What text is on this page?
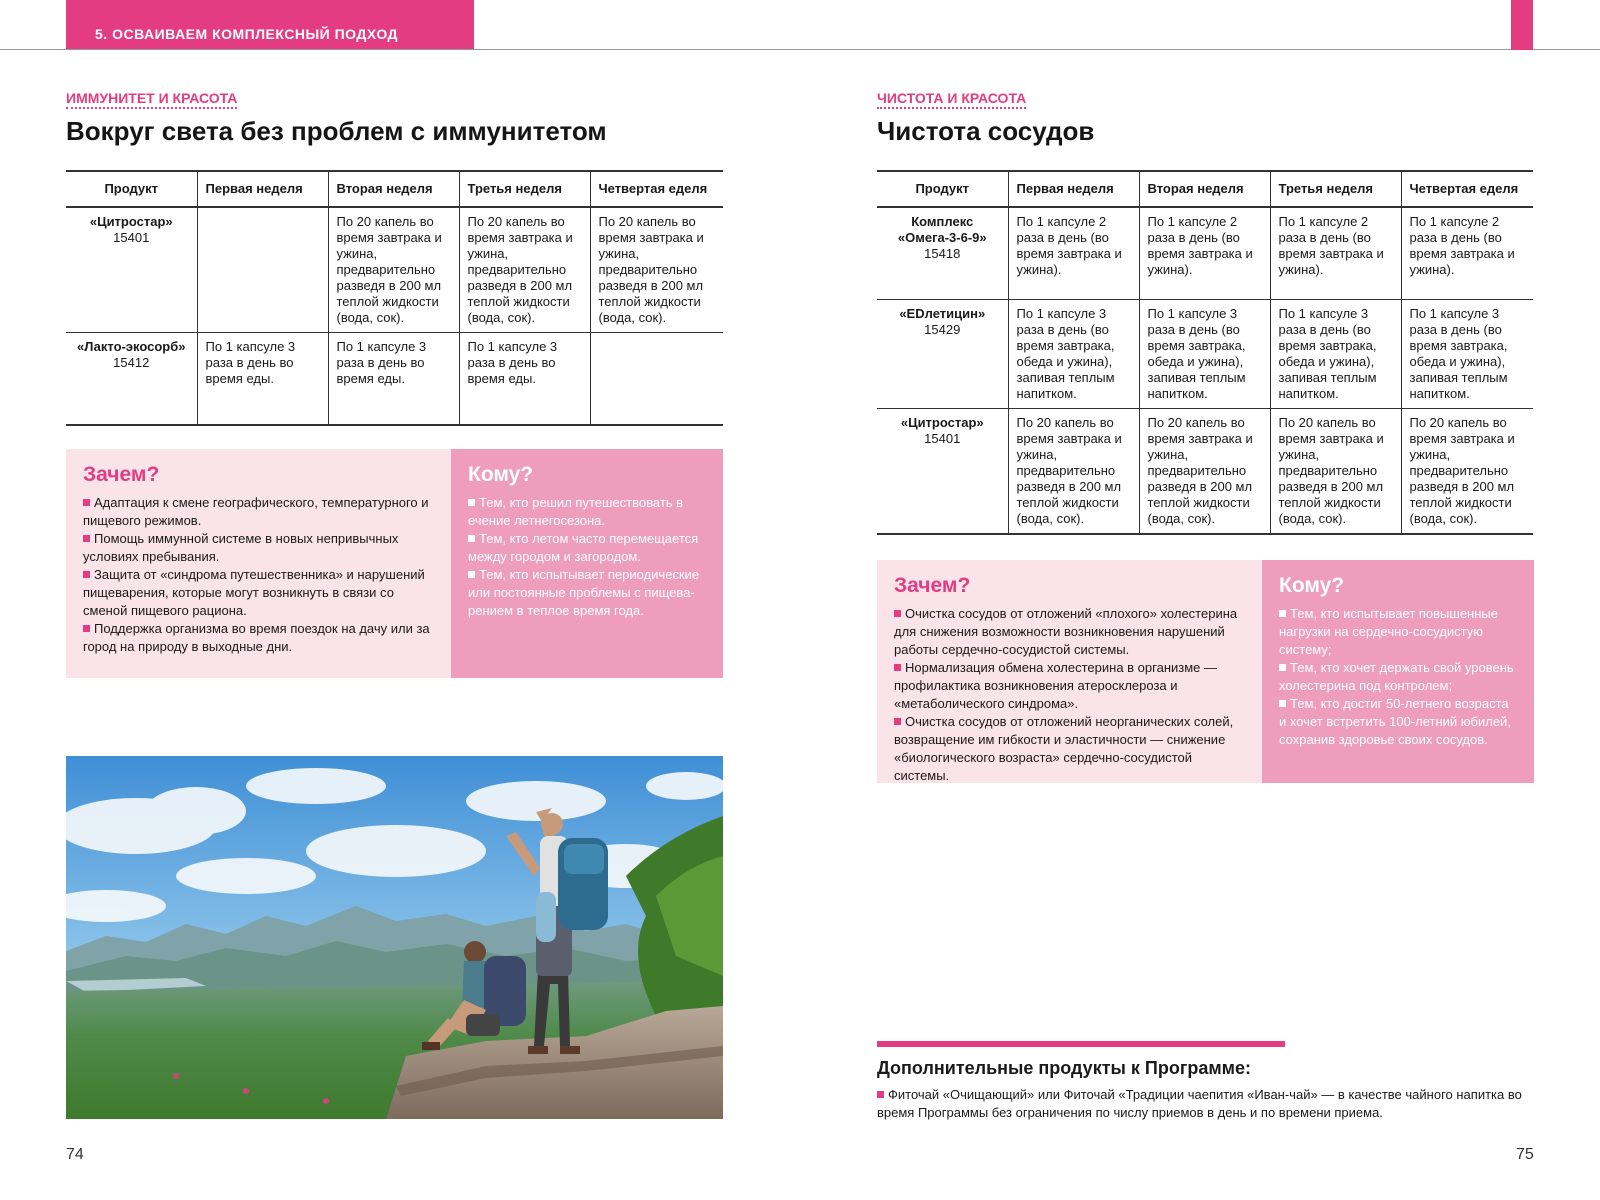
5. ОСВАИВАЕМ КОМПЛЕКСНЫЙ ПОДХОД
ИММУНИТЕТ И КРАСОТА
Вокруг света без проблем с иммунитетом
Продукт	Первая неделя	Вторая неделя	Третья неделя	Четвертая еделя

«Цитростар»
15401		По 20 капель во время завтрака и ужина, предварительно разведя в 200 мл теплой жидкости (вода, сок).	По 20 капель во время завтрака и ужина, предварительно разведя в 200 мл теплой жидкости (вода, сок).	По 20 капель во время завтрака и ужина, предварительно разведя в 200 мл теплой жидкости (вода, сок).

«Лакто-экосорб»
15412	По 1 капсуле 3 раза в день во время еды.	По 1 капсуле 3 раза в день во время еды.	По 1 капсуле 3 раза в день во время еды.	
Зачем?
Адаптация к смене географического, температурного и пищевого режимов.
Помощь иммунной системе в новых непривычных условиях пребывания.
Защита от «синдрома путешественника» и нарушений пищеварения, которые могут возникнуть в связи со сменой пищевого рациона.
Поддержка организма во время поездок на дачу или за город на природу в выходные дни.
Кому?
Тем, кто решил путешествовать в ечение летнегосезона.
Тем, кто летом часто перемещается между городом и загородом.
Тем, кто испытывает периодические или постоянные проблемы с пищева-рением в теплое время года.
74
ЧИСТОТА И КРАСОТА
Чистота сосудов
Продукт	Первая неделя	Вторая неделя	Третья неделя	Четвертая еделя

Комплекс «Омега-3-6-9»
15418	По 1 капсуле 2 раза в день (во время завтрака и ужина).	По 1 капсуле 2 раза в день (во время завтрака и ужина).	По 1 капсуле 2 раза в день (во время завтрака и ужина).	По 1 капсуле 2 раза в день (во время завтрака и ужина).

«EDлетицин»
15429	По 1 капсуле 3 раза в день (во время завтрака, обеда и ужина), запивая теплым напитком.	По 1 капсуле 3 раза в день (во время завтрака, обеда и ужина), запивая теплым напитком.	По 1 капсуле 3 раза в день (во время завтрака, обеда и ужина), запивая теплым напитком.	По 1 капсуле 3 раза в день (во время завтрака, обеда и ужина), запивая теплым напитком.

«Цитростар»
15401	По 20 капель во время завтрака и ужина, предварительно разведя в 200 мл теплой жидкости (вода, сок).	По 20 капель во время завтрака и ужина, предварительно разведя в 200 мл теплой жидкости (вода, сок).	По 20 капель во время завтрака и ужина, предварительно разведя в 200 мл теплой жидкости (вода, сок).	По 20 капель во время завтрака и ужина, предварительно разведя в 200 мл теплой жидкости (вода, сок).
Зачем?
Очистка сосудов от отложений «плохого» холестерина для снижения возможности возникновения нарушений работы сердечно-сосудистой системы.
Нормализация обмена холестерина в организме — профилактика возникновения атеросклероза и «метаболического синдрома».
Очистка сосудов от отложений неорганических солей, возвращение им гибкости и эластичности — снижение «биологического возраста» сердечно-сосудистой системы.
Кому?
Тем, кто испытывает повышенные нагрузки на сердечно-сосудистую систему;
Тем, кто хочет держать свой уровень холестерина под контролем;
Тем, кто достиг 50-летнего возраста и хочет встретить 100-летний юбилей, сохранив здоровье своих сосудов.
Дополнительные продукты к Программе:
Фиточай «Очищающий» или Фиточай «Традиции чаепития «Иван-чай» — в качестве чайного напитка во время Программы без ограничения по числу приемов в день и по времени приема.
75
